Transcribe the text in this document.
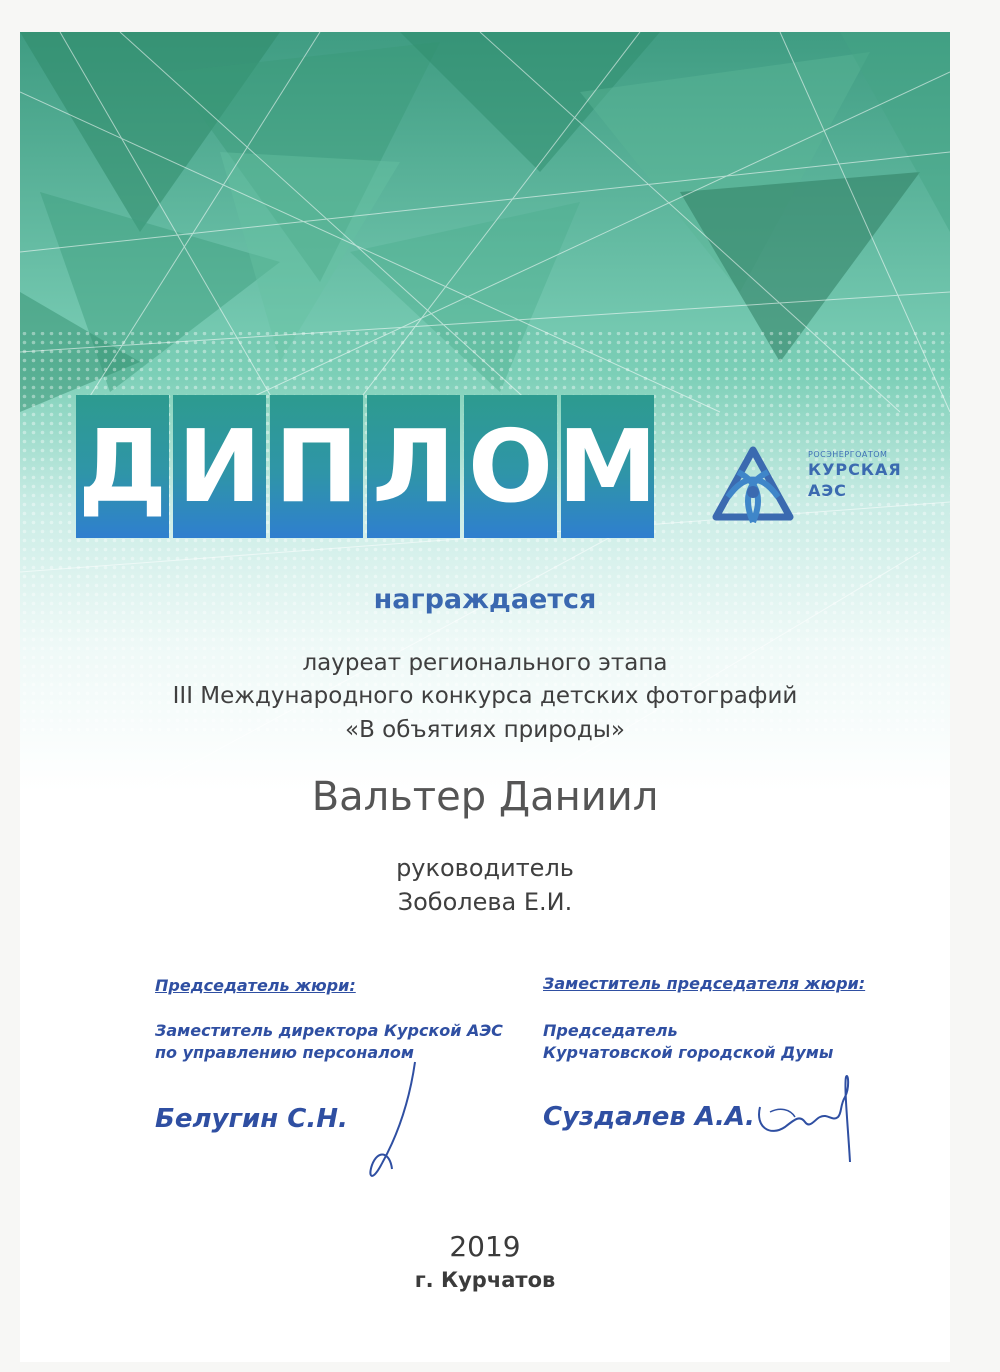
Д И П Л О М	РОСЭНЕРГОАТОМ
КУРСКАЯ
АЭС
награждается
лауреат регионального этапа
III Международного конкурса детских фотографий
«В объятиях природы»
Вальтер Даниил
руководитель
Зоболева Е.И.
Председатель жюри:
Заместитель директора Курской АЭС
по управлению персоналом
Белугин С.Н.
Заместитель председателя жюри:
Председатель
Курчатовской городской Думы
Суздалев А.А.
2019
г. Курчатов
